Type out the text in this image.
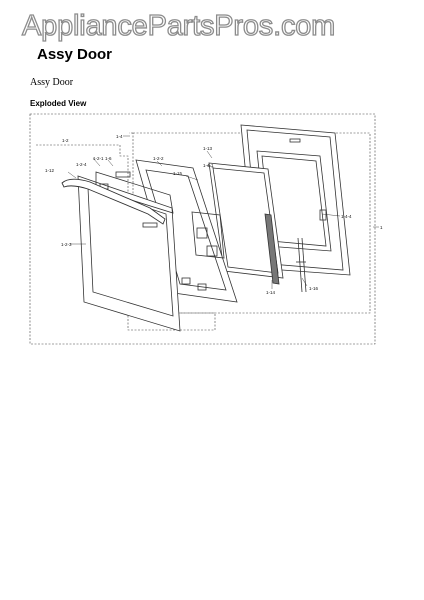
AppliancePartsPros.com
Assy Door
Assy Door
Exploded View
1
1-2
1-4
1-12
1-13
1-14
1-15
1-16
1-2-1	1-2-2
1-2-3
1-2-4	1-4-1
1-4-4
1-6
